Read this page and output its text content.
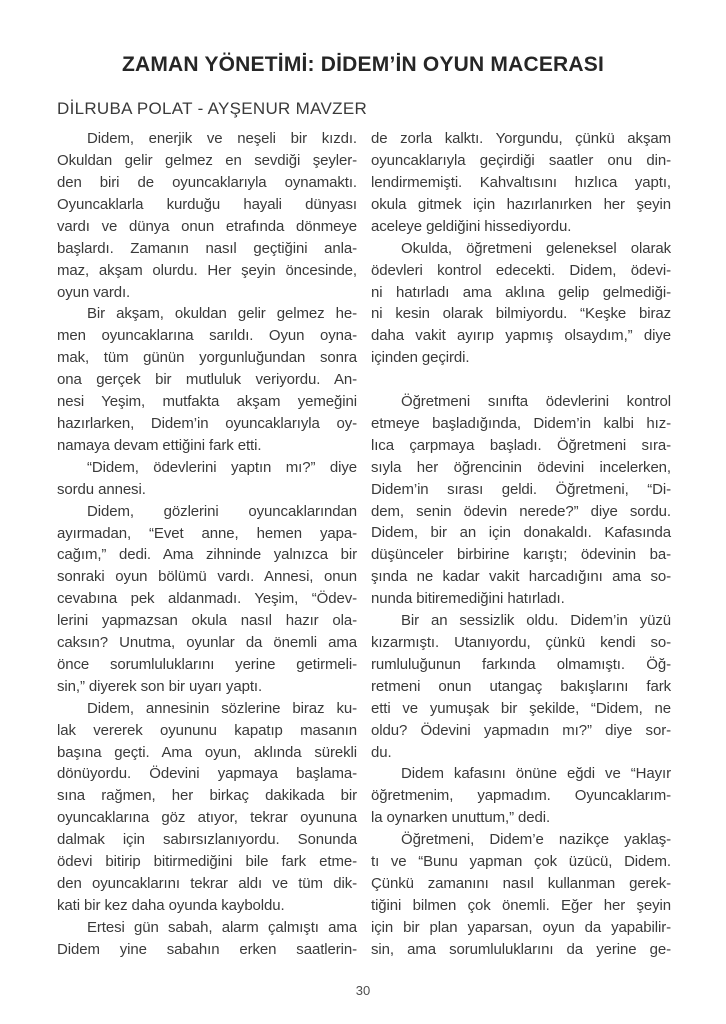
ZAMAN YÖNETİMİ: DİDEM’İN OYUN MACERASI
DİLRUBA POLAT - AYŞENUR MAVZER
Didem, enerjik ve neşeli bir kızdı.
Okuldan gelir gelmez en sevdiği şeyler-
den biri de oyuncaklarıyla oynamaktı.
Oyuncaklarla kurduğu hayali dünyası
vardı ve dünya onun etrafında dönmeye
başlardı. Zamanın nasıl geçtiğini anla-
maz, akşam olurdu. Her şeyin öncesinde,
oyun vardı.
Bir akşam, okuldan gelir gelmez he-
men oyuncaklarına sarıldı. Oyun oyna-
mak, tüm günün yorgunluğundan sonra
ona gerçek bir mutluluk veriyordu. An-
nesi Yeşim, mutfakta akşam yemeğini
hazırlarken, Didem’in oyuncaklarıyla oy-
namaya devam ettiğini fark etti.
“Didem, ödevlerini yaptın mı?” diye
sordu annesi.
Didem, gözlerini oyuncaklarından
ayırmadan, “Evet anne, hemen yapa-
cağım,” dedi. Ama zihninde yalnızca bir
sonraki oyun bölümü vardı. Annesi, onun
cevabına pek aldanmadı. Yeşim, “Ödev-
lerini yapmazsan okula nasıl hazır ola-
caksın? Unutma, oyunlar da önemli ama
önce sorumluluklarını yerine getirmeli-
sin,” diyerek son bir uyarı yaptı.
Didem, annesinin sözlerine biraz ku-
lak vererek oyununu kapatıp masanın
başına geçti. Ama oyun, aklında sürekli
dönüyordu. Ödevini yapmaya başlama-
sına rağmen, her birkaç dakikada bir
oyuncaklarına göz atıyor, tekrar oyununa
dalmak için sabırsızlanıyordu. Sonunda
ödevi bitirip bitirmediğini bile fark etme-
den oyuncaklarını tekrar aldı ve tüm dik-
kati bir kez daha oyunda kayboldu.
Ertesi gün sabah, alarm çalmıştı ama
Didem yine sabahın erken saatlerin-
de zorla kalktı. Yorgundu, çünkü akşam
oyuncaklarıyla geçirdiği saatler onu din-
lendirmemişti. Kahvaltısını hızlıca yaptı,
okula gitmek için hazırlanırken her şeyin
aceleye geldiğini hissediyordu.
Okulda, öğretmeni geleneksel olarak
ödevleri kontrol edecekti. Didem, ödevi-
ni hatırladı ama aklına gelip gelmediği-
ni kesin olarak bilmiyordu. “Keşke biraz
daha vakit ayırıp yapmış olsaydım,” diye
içinden geçirdi.
Öğretmeni sınıfta ödevlerini kontrol
etmeye başladığında, Didem’in kalbi hız-
lıca çarpmaya başladı. Öğretmeni sıra-
sıyla her öğrencinin ödevini incelerken,
Didem’in sırası geldi. Öğretmeni, “Di-
dem, senin ödevin nerede?” diye sordu.
Didem, bir an için donakaldı. Kafasında
düşünceler birbirine karıştı; ödevinin ba-
şında ne kadar vakit harcadığını ama so-
nunda bitiremediğini hatırladı.
Bir an sessizlik oldu. Didem’in yüzü
kızarmıştı. Utanıyordu, çünkü kendi so-
rumluluğunun farkında olmamıştı. Öğ-
retmeni onun utangaç bakışlarını fark
etti ve yumuşak bir şekilde, “Didem, ne
oldu? Ödevini yapmadın mı?” diye sor-
du.
Didem kafasını önüne eğdi ve “Hayır
öğretmenim, yapmadım. Oyuncaklarım-
la oynarken unuttum,” dedi.
Öğretmeni, Didem’e nazikçe yaklaş-
tı ve “Bunu yapman çok üzücü, Didem.
Çünkü zamanını nasıl kullanman gerek-
tiğini bilmen çok önemli. Eğer her şeyin
için bir plan yaparsan, oyun da yapabilir-
sin, ama sorumluluklarını da yerine ge-
30
